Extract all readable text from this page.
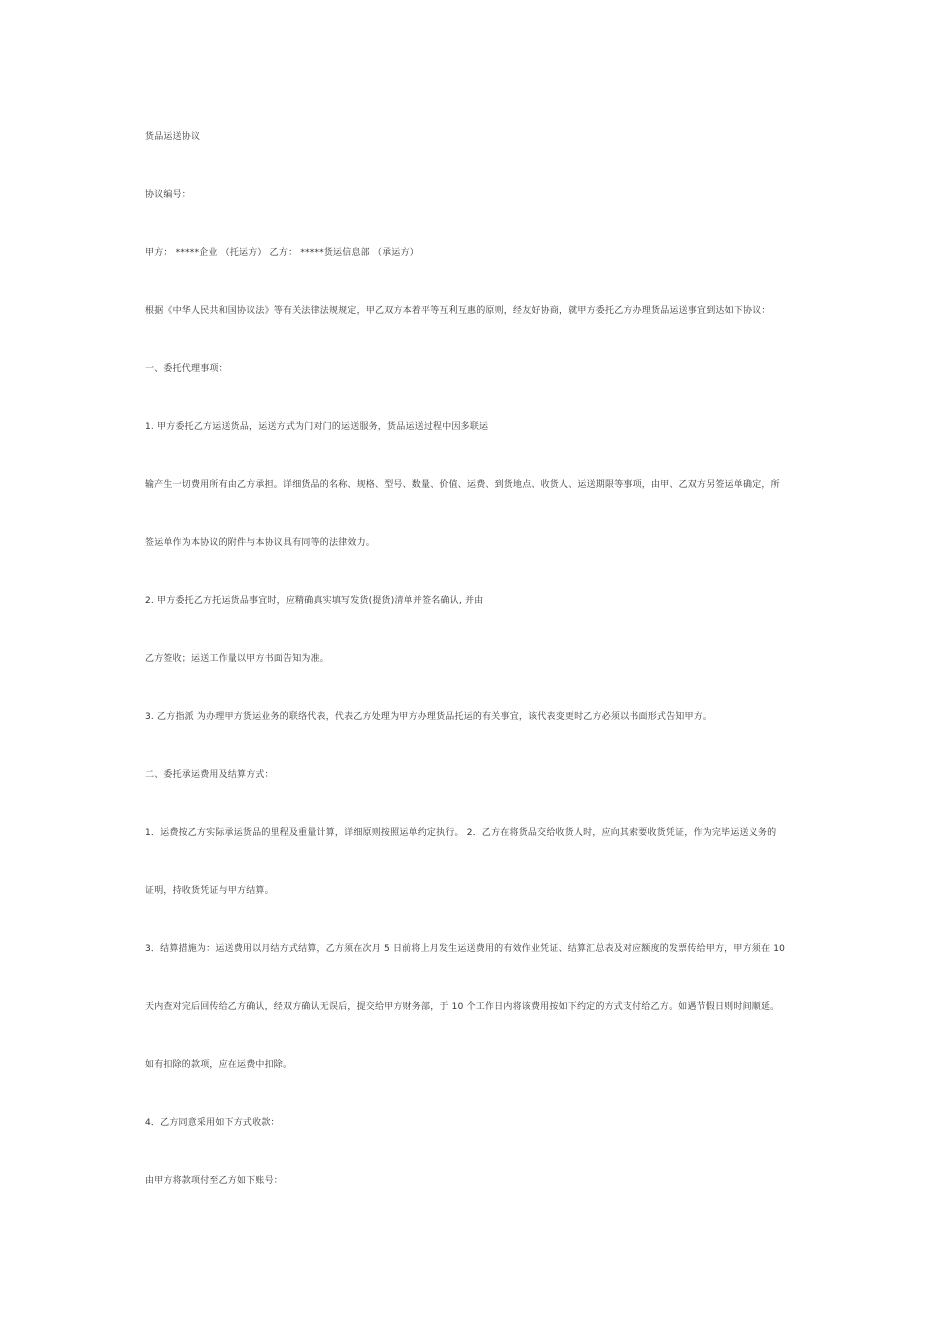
货品运送协议
协议编号：
甲方： *****企业 （托运方） 乙方： *****货运信息部 （承运方）
根据《中华人民共和国协议法》等有关法律法规规定，甲乙双方本着平等互利互惠的原则，经友好协商，就甲方委托乙方办理货品运送事宜到达如下协议：
一、委托代理事项：
1. 甲方委托乙方运送货品，运送方式为门对门的运送服务，货品运送过程中因多联运
输产生一切费用所有由乙方承担。详细货品的名称、规格、型号、数量、价值、运费、到货地点、收货人、运送期限等事项，由甲、乙双方另签运单确定，所
签运单作为本协议的附件与本协议具有同等的法律效力。
2. 甲方委托乙方托运货品事宜时，应精确真实填写发货(提货)清单并签名确认, 并由
乙方签收；运送工作量以甲方书面告知为准。
3. 乙方指派 为办理甲方货运业务的联络代表，代表乙方处理为甲方办理货品托运的有关事宜，该代表变更时乙方必须以书面形式告知甲方。
二、委托承运费用及结算方式：
1．运费按乙方实际承运货品的里程及重量计算，详细原则按照运单约定执行。 2．乙方在将货品交给收货人时，应向其索要收货凭证，作为完毕运送义务的
证明，持收货凭证与甲方结算。
3．结算措施为：运送费用以月结方式结算，乙方须在次月 5 日前将上月发生运送费用的有效作业凭证、结算汇总表及对应额度的发票传给甲方，甲方须在 10
天内查对完后回传给乙方确认，经双方确认无误后，提交给甲方财务部，于 10 个工作日内将该费用按如下约定的方式支付给乙方。如遇节假日则时间顺延。
如有扣除的款项，应在运费中扣除。
4．乙方同意采用如下方式收款：
由甲方将款项付至乙方如下账号：
